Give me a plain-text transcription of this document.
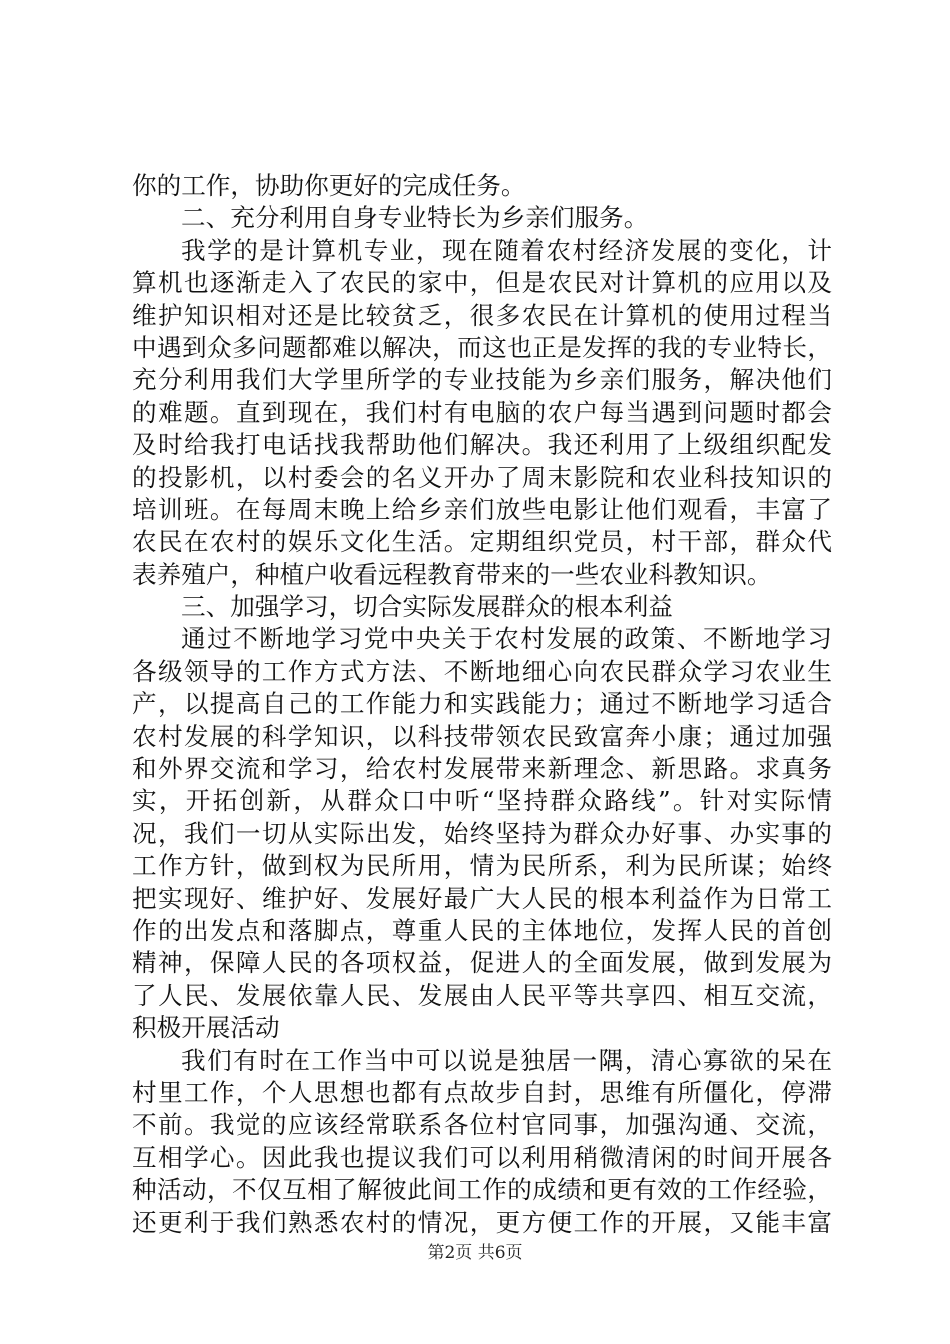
你的工作，协助你更好的完成任务。
二、充分利用自身专业特长为乡亲们服务。
我学的是计算机专业，现在随着农村经济发展的变化，计
算机也逐渐走入了农民的家中，但是农民对计算机的应用以及
维护知识相对还是比较贫乏，很多农民在计算机的使用过程当
中遇到众多问题都难以解决，而这也正是发挥的我的专业特长，
充分利用我们大学里所学的专业技能为乡亲们服务，解决他们
的难题。直到现在，我们村有电脑的农户每当遇到问题时都会
及时给我打电话找我帮助他们解决。我还利用了上级组织配发
的投影机，以村委会的名义开办了周末影院和农业科技知识的
培训班。在每周末晚上给乡亲们放些电影让他们观看，丰富了
农民在农村的娱乐文化生活。定期组织党员，村干部，群众代
表养殖户，种植户收看远程教育带来的一些农业科教知识。
三、加强学习，切合实际发展群众的根本利益
通过不断地学习党中央关于农村发展的政策、不断地学习
各级领导的工作方式方法、不断地细心向农民群众学习农业生
产，以提高自己的工作能力和实践能力；通过不断地学习适合
农村发展的科学知识，以科技带领农民致富奔小康；通过加强
和外界交流和学习，给农村发展带来新理念、新思路。求真务
实，开拓创新，从群众口中听“坚持群众路线”。针对实际情
况，我们一切从实际出发，始终坚持为群众办好事、办实事的
工作方针，做到权为民所用，情为民所系，利为民所谋；始终
把实现好、维护好、发展好最广大人民的根本利益作为日常工
作的出发点和落脚点，尊重人民的主体地位，发挥人民的首创
精神，保障人民的各项权益，促进人的全面发展，做到发展为
了人民、发展依靠人民、发展由人民平等共享四、相互交流，
积极开展活动
我们有时在工作当中可以说是独居一隅，清心寡欲的呆在
村里工作，个人思想也都有点故步自封，思维有所僵化，停滞
不前。我觉的应该经常联系各位村官同事，加强沟通、交流，
互相学心。因此我也提议我们可以利用稍微清闲的时间开展各
种活动，不仅互相了解彼此间工作的成绩和更有效的工作经验，
还更利于我们熟悉农村的情况，更方便工作的开展，又能丰富
第2页 共6页
